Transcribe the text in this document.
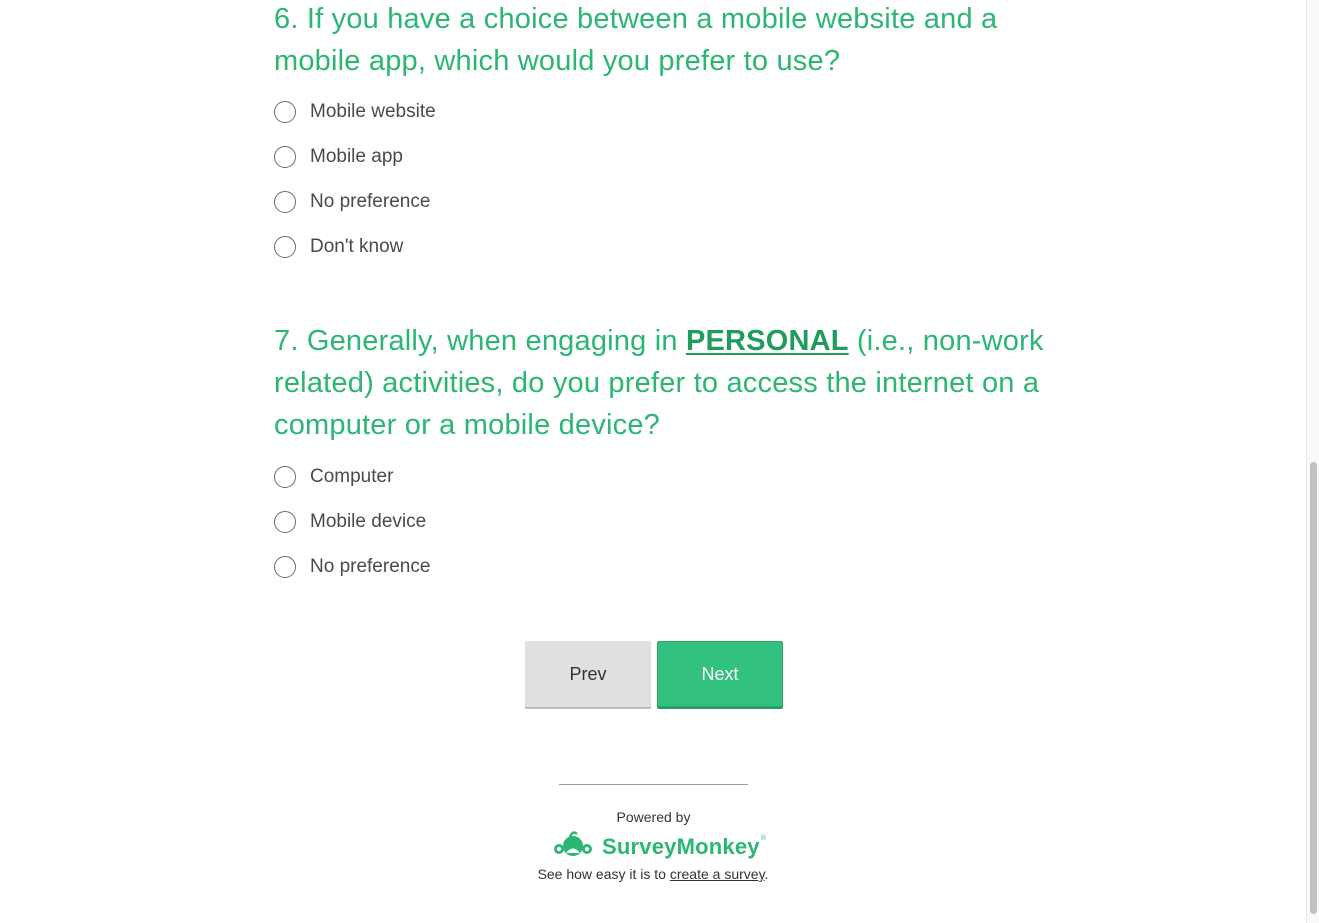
6. If you have a choice between a mobile website and a mobile app, which would you prefer to use?
Mobile website
Mobile app
No preference
Don't know
7. Generally, when engaging in PERSONAL (i.e., non-work related) activities, do you prefer to access the internet on a computer or a mobile device?
Computer
Mobile device
No preference
Prev	Next
Powered by
SurveyMonkey ®
See how easy it is to create a survey.
